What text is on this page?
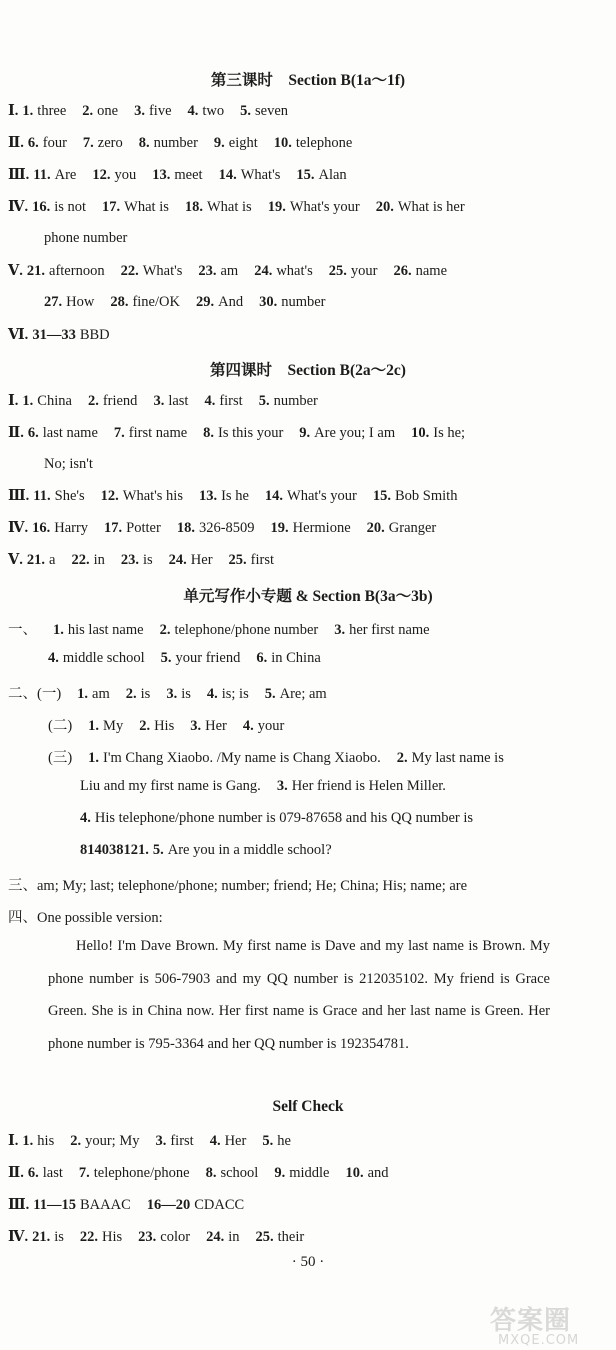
第三课时　Section B(1a～1f)
Ⅰ. 1. three 2. one 3. five 4. two 5. seven
Ⅱ. 6. four 7. zero 8. number 9. eight 10. telephone
Ⅲ. 11. Are 12. you 13. meet 14. What's 15. Alan
Ⅳ. 16. is not 17. What is 18. What is 19. What's your 20. What is her
phone number
Ⅴ. 21. afternoon 22. What's 23. am 24. what's 25. your 26. name
27. How 28. fine/OK 29. And 30. number
Ⅵ. 31—33 BBD
第四课时　Section B(2a～2c)
Ⅰ. 1. China 2. friend 3. last 4. first 5. number
Ⅱ. 6. last name 7. first name 8. Is this your 9. Are you; I am 10. Is he;
No; isn't
Ⅲ. 11. She's 12. What's his 13. Is he 14. What's your 15. Bob Smith
Ⅳ. 16. Harry 17. Potter 18. 326-8509 19. Hermione 20. Granger
Ⅴ. 21. a 22. in 23. is 24. Her 25. first
单元写作小专题 & Section B(3a～3b)
一、 1. his last name 2. telephone/phone number 3. her first name
4. middle school 5. your friend 6. in China
二、(一) 1. am 2. is 3. is 4. is; is 5. Are; am
(二) 1. My 2. His 3. Her 4. your
(三) 1. I'm Chang Xiaobo. /My name is Chang Xiaobo. 2. My last name is
Liu and my first name is Gang. 3. Her friend is Helen Miller.
4. His telephone/phone number is 079-87658 and his QQ number is
814038121. 5. Are you in a middle school?
三、am; My; last; telephone/phone; number; friend; He; China; His; name; are
四、One possible version:
Hello! I'm Dave Brown. My first name is Dave and my last name is Brown. My phone number is 506-7903 and my QQ number is 212035102. My friend is Grace Green. She is in China now. Her first name is Grace and her last name is Green. Her phone number is 795-3364 and her QQ number is 192354781.
Self Check
Ⅰ. 1. his 2. your; My 3. first 4. Her 5. he
Ⅱ. 6. last 7. telephone/phone 8. school 9. middle 10. and
Ⅲ. 11—15 BAAAC 16—20 CDACC
Ⅳ. 21. is 22. His 23. color 24. in 25. their
· 50 ·
答案圈
MXQE.COM
